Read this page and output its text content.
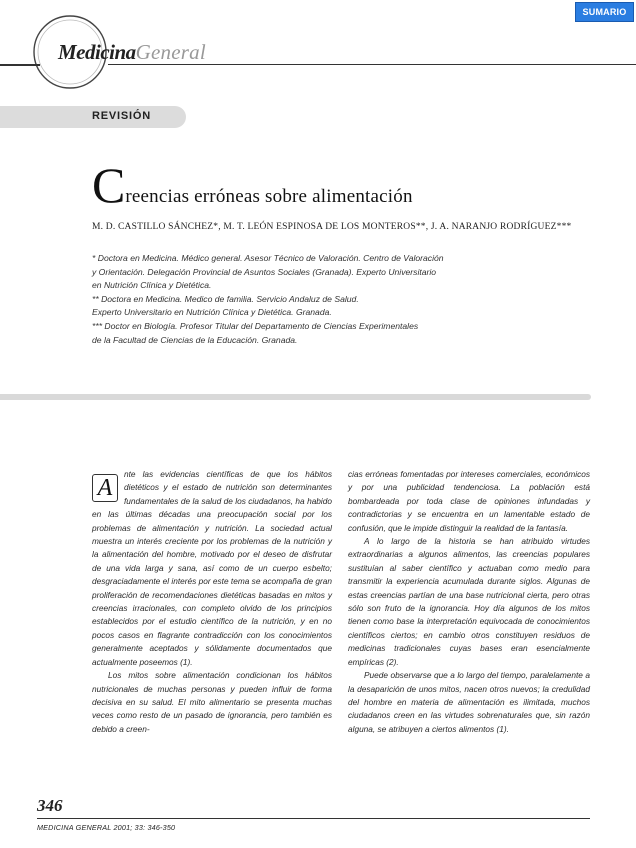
SUMARIO
MedicinaGeneral
REVISIÓN
Creencias erróneas sobre alimentación
M. D. CASTILLO SÁNCHEZ*, M. T. LEÓN ESPINOSA DE LOS MONTEROS**, J. A. NARANJO RODRÍGUEZ***
* Doctora en Medicina. Médico general. Asesor Técnico de Valoración. Centro de Valoración
y Orientación. Delegación Provincial de Asuntos Sociales (Granada). Experto Universitario
en Nutrición Clínica y Dietética.
** Doctora en Medicina. Medico de familia. Servicio Andaluz de Salud.
Experto Universitario en Nutrición Clínica y Dietética. Granada.
*** Doctor en Biología. Profesor Titular del Departamento de Ciencias Experimentales
de la Facultad de Ciencias de la Educación. Granada.
A

nte las evidencias científicas de que los hábitos dietéticos y el estado de nutrición son determinantes fundamentales de la salud de los ciudadanos, ha habido en las últimas décadas una preocupación social por los problemas de alimentación y nutrición. La sociedad actual muestra un interés creciente por los problemas de la nutrición y la alimentación del hombre, motivado por el deseo de disfrutar de una vida larga y sana, así como de un cuerpo esbelto; desgraciadamente el interés por este tema se acompaña de gran proliferación de recomendaciones dietéticas basadas en mitos y creencias irracionales, con completo olvido de los principios establecidos por el estudio científico de la nutrición, y en no pocos casos en flagrante contradicción con los conocimientos generalmente aceptados y sólidamente documentados que actualmente poseemos (1).

Los mitos sobre alimentación condicionan los hábitos nutricionales de muchas personas y pueden influir de forma decisiva en su salud. El mito alimentario se presenta muchas veces como resto de un pasado de ignorancia, pero también es debido a creen-

cias erróneas fomentadas por intereses comerciales, económicos y por una publicidad tendenciosa. La población está bombardeada por toda clase de opiniones infundadas y contradictorias y se encuentra en un lamentable estado de confusión, que le impide distinguir la realidad de la fantasía.

A lo largo de la historia se han atribuido virtudes extraordinarias a algunos alimentos, las creencias populares sustituían al saber científico y actuaban como medio para transmitir la experiencia acumulada durante siglos. Algunas de estas creencias partían de una base nutricional cierta, pero otras sólo son fruto de la ignorancia. Hoy día algunos de los mitos tienen como base la interpretación equivocada de conocimientos científicos ciertos; en cambio otros constituyen residuos de medicinas tradicionales cuyas bases eran esencialmente empíricas (2).

Puede observarse que a lo largo del tiempo, paralelamente a la desaparición de unos mitos, nacen otros nuevos; la credulidad del hombre en materia de alimentación es ilimitada, muchos ciudadanos creen en las virtudes sobrenaturales que, sin razón alguna, se atribuyen a ciertos alimentos (1).

346
MEDICINA GENERAL 2001; 33: 346-350
